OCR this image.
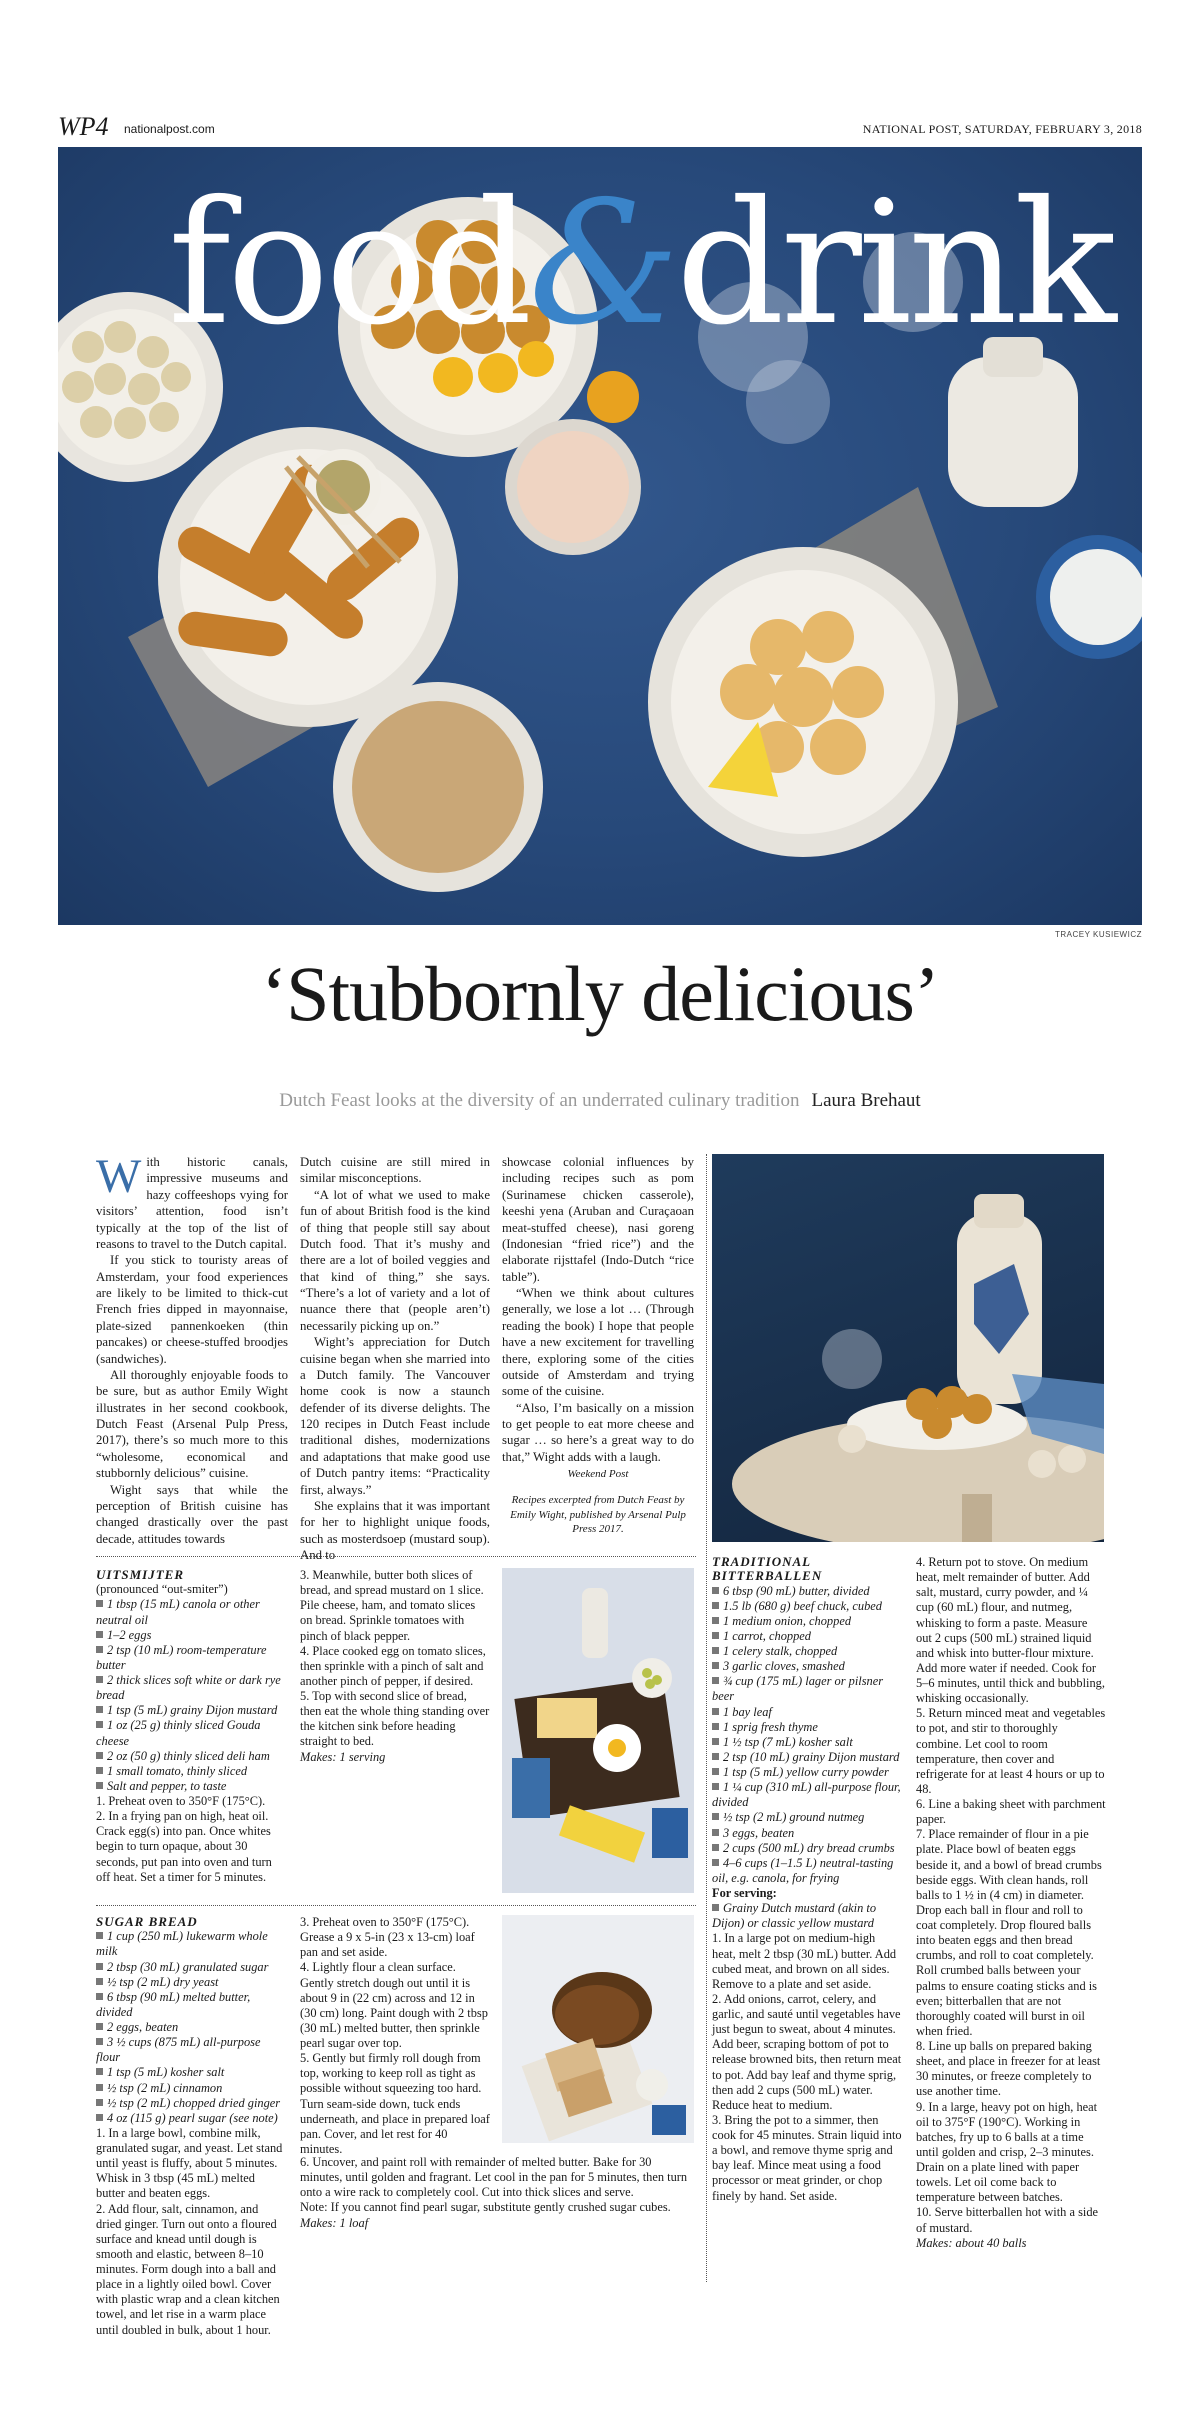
WP4 nationalpost.com	NATIONAL POST, SATURDAY, FEBRUARY 3, 2018
food&drink
TRACEY KUSIEWICZ
‘Stubbornly delicious’
Dutch Feast looks at the diversity of an underrated culinary tradition Laura Brehaut

With historic canals, impressive museums and hazy coffeeshops vying for visitors’ attention, food isn’t typically at the top of the list of reasons to travel to the Dutch capital.

If you stick to touristy areas of Amsterdam, your food experiences are likely to be limited to thick-cut French fries dipped in mayonnaise, plate-sized pannenkoeken (thin pancakes) or cheese-stuffed broodjes (sandwiches).

All thoroughly enjoyable foods to be sure, but as author Emily Wight illustrates in her second cookbook, Dutch Feast (Arsenal Pulp Press, 2017), there’s so much more to this “wholesome, economical and stubbornly delicious” cuisine.

Wight says that while the perception of British cuisine has changed drastically over the past decade, attitudes towards

Dutch cuisine are still mired in similar misconceptions.

“A lot of what we used to make fun of about British food is the kind of thing that people still say about Dutch food. That it’s mushy and there are a lot of boiled veggies and that kind of thing,” she says. “There’s a lot of variety and a lot of nuance there that (people aren’t) necessarily picking up on.”

Wight’s appreciation for Dutch cuisine began when she married into a Dutch family. The Vancouver home cook is now a staunch defender of its diverse delights. The 120 recipes in Dutch Feast include traditional dishes, modernizations and adaptations that make good use of Dutch pantry items: “Practicality first, always.”

She explains that it was important for her to highlight unique foods, such as mosterdsoep (mustard soup). And to

showcase colonial influences by including recipes such as pom (Surinamese chicken casserole), keeshi yena (Aruban and Curaçaoan meat-stuffed cheese), nasi goreng (Indonesian “fried rice”) and the elaborate rijsttafel (Indo-Dutch “rice table”).

“When we think about cultures generally, we lose a lot … (Through reading the book) I hope that people have a new excitement for travelling there, exploring some of the cities outside of Amsterdam and trying some of the cuisine.

“Also, I’m basically on a mission to get people to eat more cheese and sugar … so here’s a great way to do that,” Wight adds with a laugh.

Weekend Post
Recipes excerpted from Dutch Feast by Emily Wight, published by Arsenal Pulp Press 2017.
UITSMIJTER
(pronounced “out-smiter”)
1 tbsp (15 mL) canola or other neutral oil
1–2 eggs
2 tsp (10 mL) room-temperature butter
2 thick slices soft white or dark rye bread
1 tsp (5 mL) grainy Dijon mustard
1 oz (25 g) thinly sliced Gouda cheese
2 oz (50 g) thinly sliced deli ham
1 small tomato, thinly sliced
Salt and pepper, to taste
1. Preheat oven to 350°F (175°C).
2. In a frying pan on high, heat oil. Crack egg(s) into pan. Once whites begin to turn opaque, about 30 seconds, put pan into oven and turn off heat. Set a timer for 5 minutes.
3. Meanwhile, butter both slices of bread, and spread mustard on 1 slice. Pile cheese, ham, and tomato slices on bread. Sprinkle tomatoes with pinch of black pepper.
4. Place cooked egg on tomato slices, then sprinkle with a pinch of salt and another pinch of pepper, if desired.
5. Top with second slice of bread, then eat the whole thing standing over the kitchen sink before heading straight to bed.
Makes: 1 serving
SUGAR BREAD
1 cup (250 mL) lukewarm whole milk
2 tbsp (30 mL) granulated sugar
½ tsp (2 mL) dry yeast
6 tbsp (90 mL) melted butter, divided
2 eggs, beaten
3 ½ cups (875 mL) all-purpose flour
1 tsp (5 mL) kosher salt
½ tsp (2 mL) cinnamon
½ tsp (2 mL) chopped dried ginger
4 oz (115 g) pearl sugar (see note)
1. In a large bowl, combine milk, granulated sugar, and yeast. Let stand until yeast is fluffy, about 5 minutes. Whisk in 3 tbsp (45 mL) melted butter and beaten eggs.
2. Add flour, salt, cinnamon, and dried ginger. Turn out onto a floured surface and knead until dough is smooth and elastic, between 8–10 minutes. Form dough into a ball and place in a lightly oiled bowl. Cover with plastic wrap and a clean kitchen towel, and let rise in a warm place until doubled in bulk, about 1 hour.
3. Preheat oven to 350°F (175°C). Grease a 9 x 5-in (23 x 13-cm) loaf pan and set aside.
4. Lightly flour a clean surface. Gently stretch dough out until it is about 9 in (22 cm) across and 12 in (30 cm) long. Paint dough with 2 tbsp (30 mL) melted butter, then sprinkle pearl sugar over top.
5. Gently but firmly roll dough from top, working to keep roll as tight as possible without squeezing too hard. Turn seam-side down, tuck ends underneath, and place in prepared loaf pan. Cover, and let rest for 40 minutes.
6. Uncover, and paint roll with remainder of melted butter. Bake for 30 minutes, until golden and fragrant. Let cool in the pan for 5 minutes, then turn onto a wire rack to completely cool. Cut into thick slices and serve.
Note: If you cannot find pearl sugar, substitute gently crushed sugar cubes.
Makes: 1 loaf
TRADITIONAL BITTERBALLEN
6 tbsp (90 mL) butter, divided
1.5 lb (680 g) beef chuck, cubed
1 medium onion, chopped
1 carrot, chopped
1 celery stalk, chopped
3 garlic cloves, smashed
¾ cup (175 mL) lager or pilsner beer
1 bay leaf
1 sprig fresh thyme
1 ½ tsp (7 mL) kosher salt
2 tsp (10 mL) grainy Dijon mustard
1 tsp (5 mL) yellow curry powder
1 ¼ cup (310 mL) all-purpose flour, divided
½ tsp (2 mL) ground nutmeg
3 eggs, beaten
2 cups (500 mL) dry bread crumbs
4–6 cups (1–1.5 L) neutral-tasting oil, e.g. canola, for frying
For serving:
Grainy Dutch mustard (akin to Dijon) or classic yellow mustard
1. In a large pot on medium-high heat, melt 2 tbsp (30 mL) butter. Add cubed meat, and brown on all sides. Remove to a plate and set aside.
2. Add onions, carrot, celery, and garlic, and sauté until vegetables have just begun to sweat, about 4 minutes. Add beer, scraping bottom of pot to release browned bits, then return meat to pot. Add bay leaf and thyme sprig, then add 2 cups (500 mL) water. Reduce heat to medium.
3. Bring the pot to a simmer, then cook for 45 minutes. Strain liquid into a bowl, and remove thyme sprig and bay leaf. Mince meat using a food processor or meat grinder, or chop finely by hand. Set aside.
4. Return pot to stove. On medium heat, melt remainder of butter. Add salt, mustard, curry powder, and ¼ cup (60 mL) flour, and nutmeg, whisking to form a paste. Measure out 2 cups (500 mL) strained liquid and whisk into butter-flour mixture. Add more water if needed. Cook for 5–6 minutes, until thick and bubbling, whisking occasionally.
5. Return minced meat and vegetables to pot, and stir to thoroughly combine. Let cool to room temperature, then cover and refrigerate for at least 4 hours or up to 48.
6. Line a baking sheet with parchment paper.
7. Place remainder of flour in a pie plate. Place bowl of beaten eggs beside it, and a bowl of bread crumbs beside eggs. With clean hands, roll balls to 1 ½ in (4 cm) in diameter. Drop each ball in flour and roll to coat completely. Drop floured balls into beaten eggs and then bread crumbs, and roll to coat completely. Roll crumbed balls between your palms to ensure coating sticks and is even; bitterballen that are not thoroughly coated will burst in oil when fried.
8. Line up balls on prepared baking sheet, and place in freezer for at least 30 minutes, or freeze completely to use another time.
9. In a large, heavy pot on high, heat oil to 375°F (190°C). Working in batches, fry up to 6 balls at a time until golden and crisp, 2–3 minutes. Drain on a plate lined with paper towels. Let oil come back to temperature between batches.
10. Serve bitterballen hot with a side of mustard.
Makes: about 40 balls
